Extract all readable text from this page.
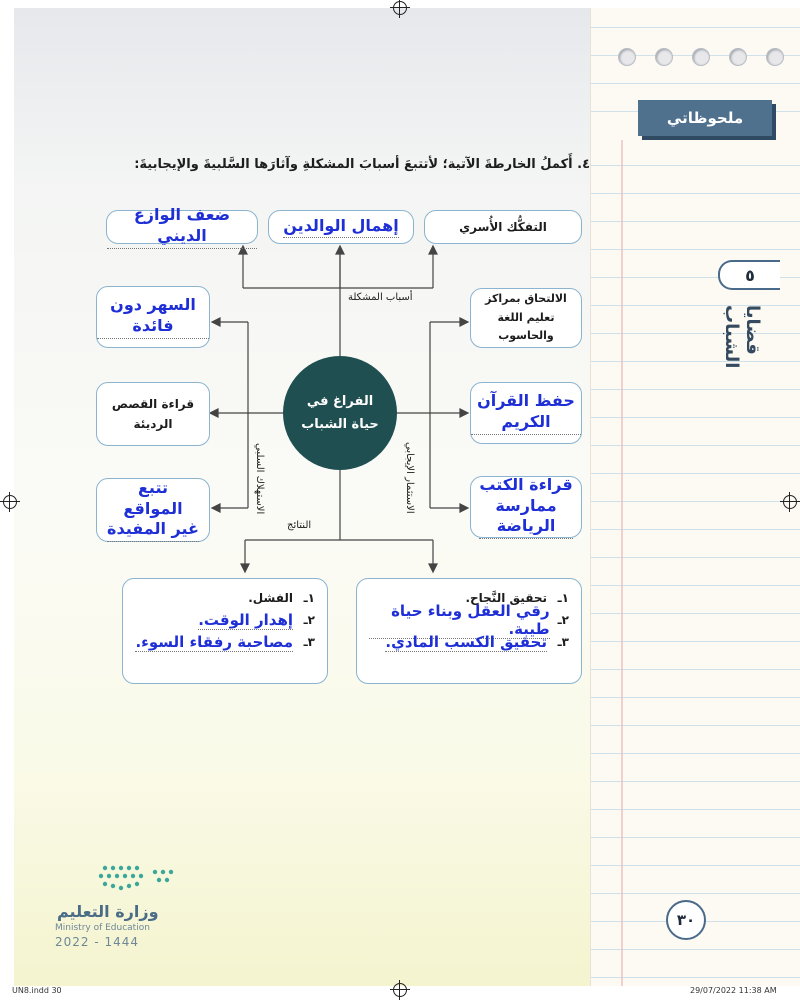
ملحوظاتي
٥
قضايا الشباب
٤. أَكملُ الخارطةَ الآتية؛ لأتتبعَ أسبابَ المشكلةِ وآثارَها السَّلبيةَ والإيجابيةَ:
التفكُّك الأُسري
إهمال الوالدين
ضعف الوازع الديني
أسباب المشكلة
السهر دون فائدة
قراءة القصص الرديئة
تتبع المواقع غير المفيدة
الاستهلاك السلبي
الالتحاق بمراكز تعليم اللغة والحاسوب
حفظ القرآن الكريم
قراءة الكتب ممارسة الرياضة
الاستثمار الإيجابي
الفراغ في
حياة الشباب
النتائج
١ـ
تحقيق النَّجاح.
٢ـ
رقي العقل وبناء حياة طيبة.
٣ـ
تحقيق الكسب المادي.
١ـ
الفشل.
٢ـ
إهدار الوقت.
٣ـ
مصاحبة رفقاء السوء.
وزارة التعليم
Ministry of Education
2022 - 1444
٣٠
UN8.indd 30	29/07/2022 11:38 AM
